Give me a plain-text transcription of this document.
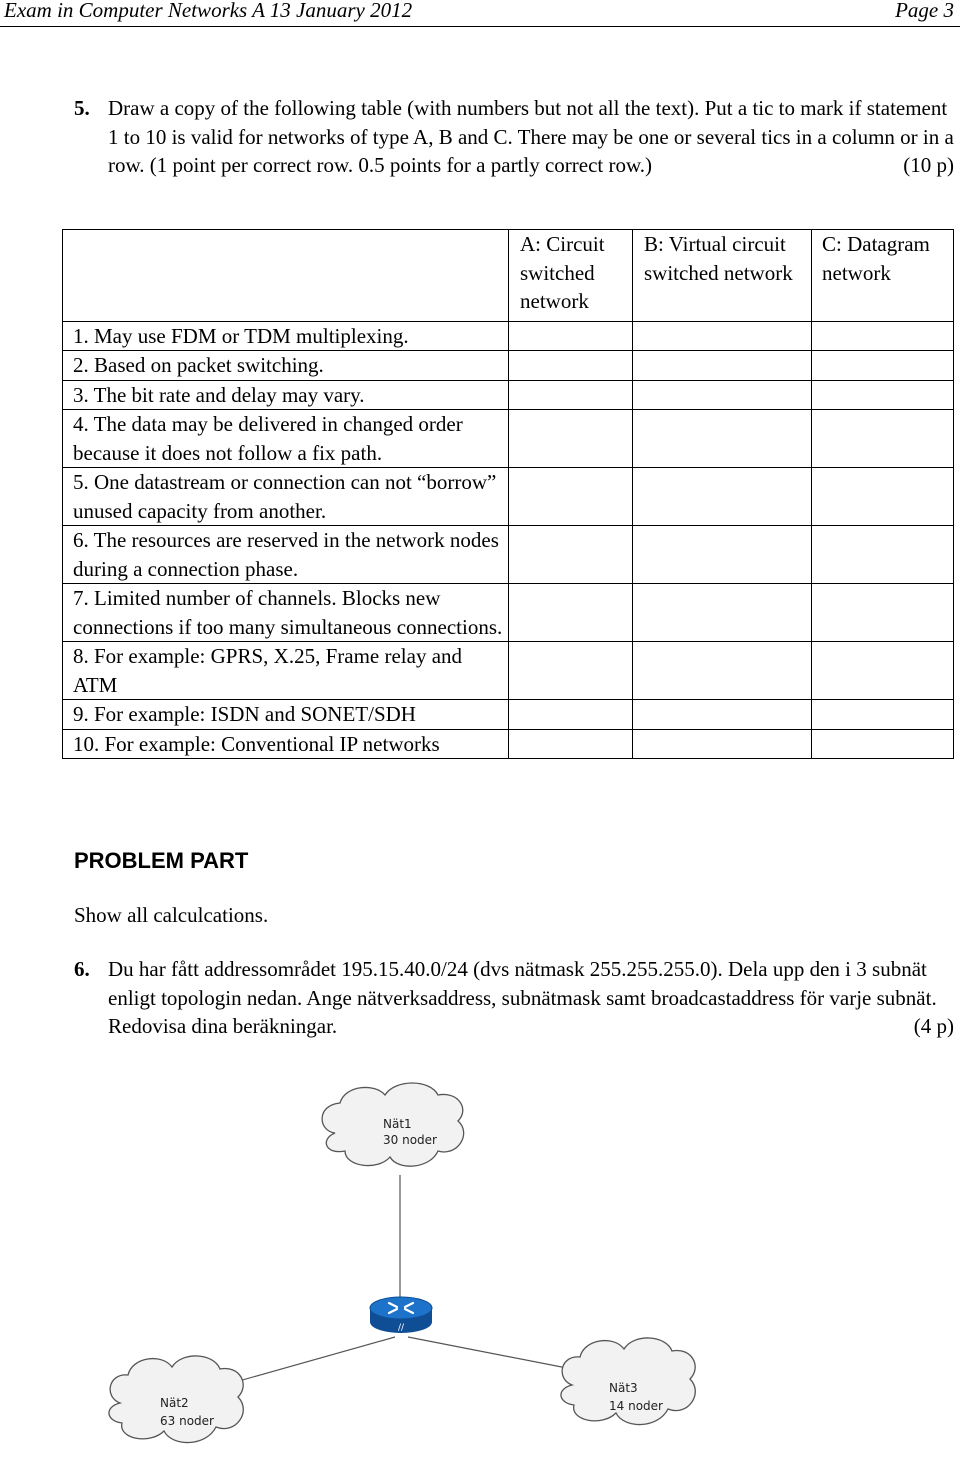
Exam in Computer Networks A 13 January 2012	Page 3
5. Draw a copy of the following table (with numbers but not all the text). Put a tic to mark if statement 1 to 10 is valid for networks of type A, B and C. There may be one or several tics in a column or in a row. (1 point per correct row. 0.5 points for a partly correct row.)	(10 p)
	A: Circuit switched network	B: Virtual circuit switched network	C: Datagram network
1. May use FDM or TDM multiplexing.			
2. Based on packet switching.			
3. The bit rate and delay may vary.			
4. The data may be delivered in changed order because it does not follow a fix path.			
5. One datastream or connection can not “borrow” unused capacity from another.			
6. The resources are reserved in the network nodes during a connection phase.			
7. Limited number of channels. Blocks new connections if too many simultaneous connections.			
8. For example: GPRS, X.25, Frame relay and ATM			
9. For example: ISDN and SONET/SDH			
10. For example: Conventional IP networks			
PROBLEM PART
Show all calculcations.
6. Du har fått addressområdet 195.15.40.0/24 (dvs nätmask 255.255.255.0). Dela upp den i 3 subnät enligt topologin nedan. Ange nätverksaddress, subnätmask samt broadcastaddress för varje subnät. Redovisa dina beräkningar.	(4 p)
Nät1
30 noder
//
Nät2
63 noder
Nät3
14 noder
